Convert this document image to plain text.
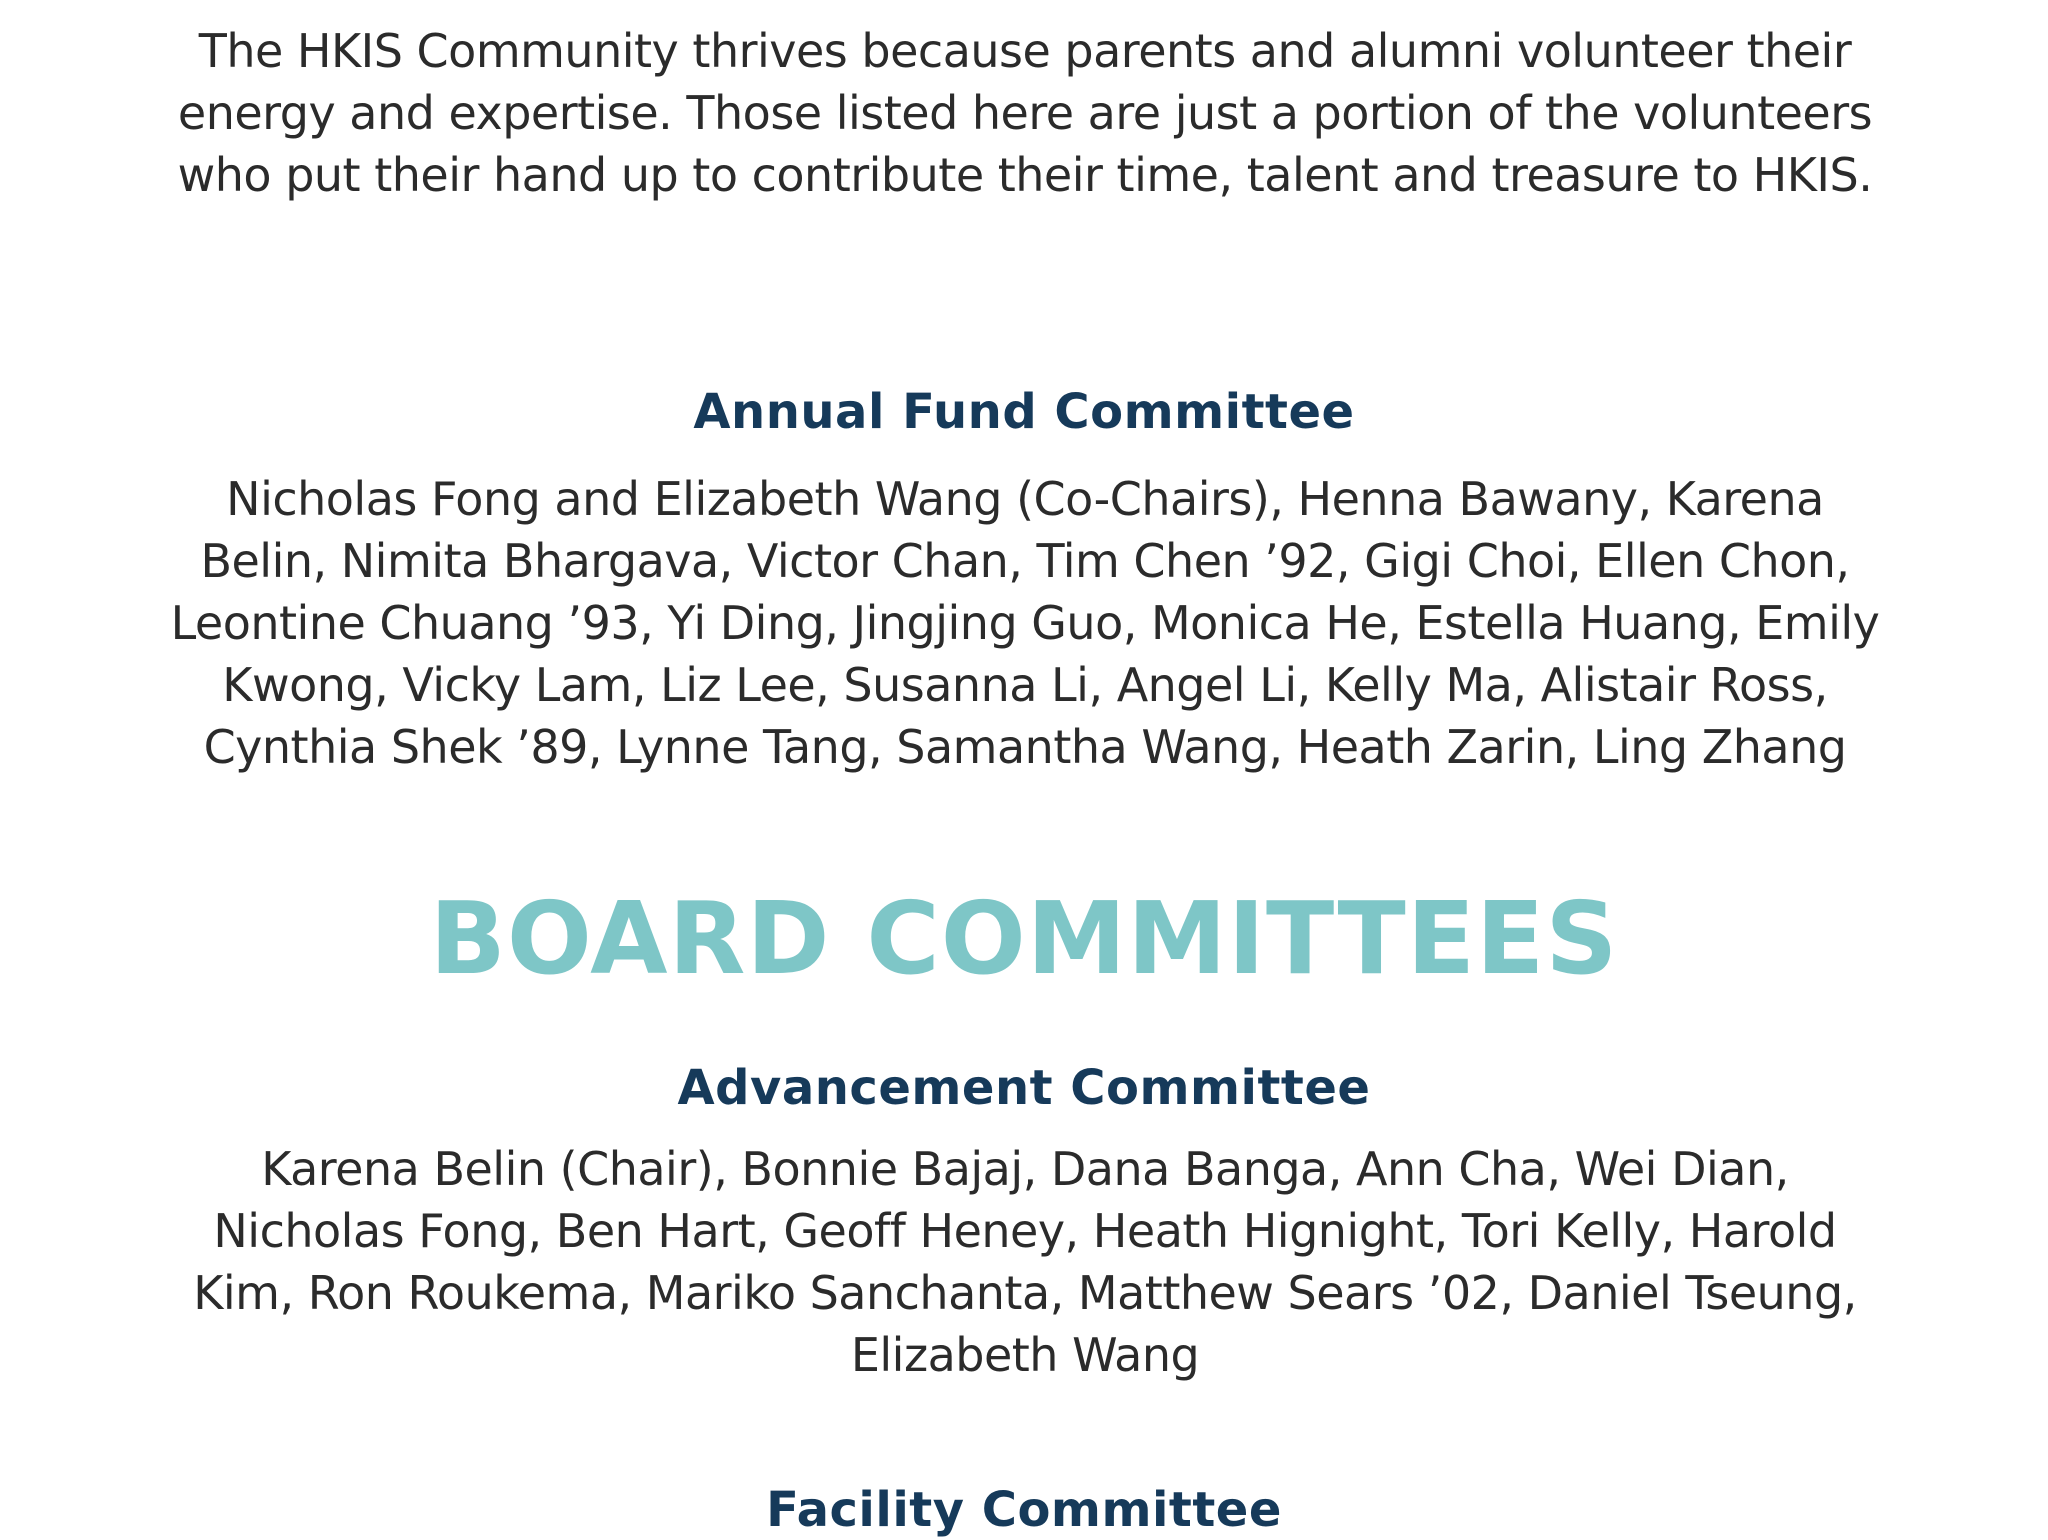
The HKIS Community thrives because parents and alumni volunteer their energy and expertise. Those listed here are just a portion of the volunteers who put their hand up to contribute their time, talent and treasure to HKIS.

Annual Fund Committee

Nicholas Fong and Elizabeth Wang (Co-Chairs), Henna Bawany, Karena Belin, Nimita Bhargava, Victor Chan, Tim Chen ’92, Gigi Choi, Ellen Chon, Leontine Chuang ’93, Yi Ding, Jingjing Guo, Monica He, Estella Huang, Emily Kwong, Vicky Lam, Liz Lee, Susanna Li, Angel Li, Kelly Ma, Alistair Ross, Cynthia Shek ’89, Lynne Tang, Samantha Wang, Heath Zarin, Ling Zhang

BOARD COMMITTEES
Advancement Committee

Karena Belin (Chair), Bonnie Bajaj, Dana Banga, Ann Cha, Wei Dian, Nicholas Fong, Ben Hart, Geoff Heney, Heath Hignight, Tori Kelly, Harold Kim, Ron Roukema, Mariko Sanchanta, Matthew Sears ’02, Daniel Tseung, Elizabeth Wang

Facility Committee
